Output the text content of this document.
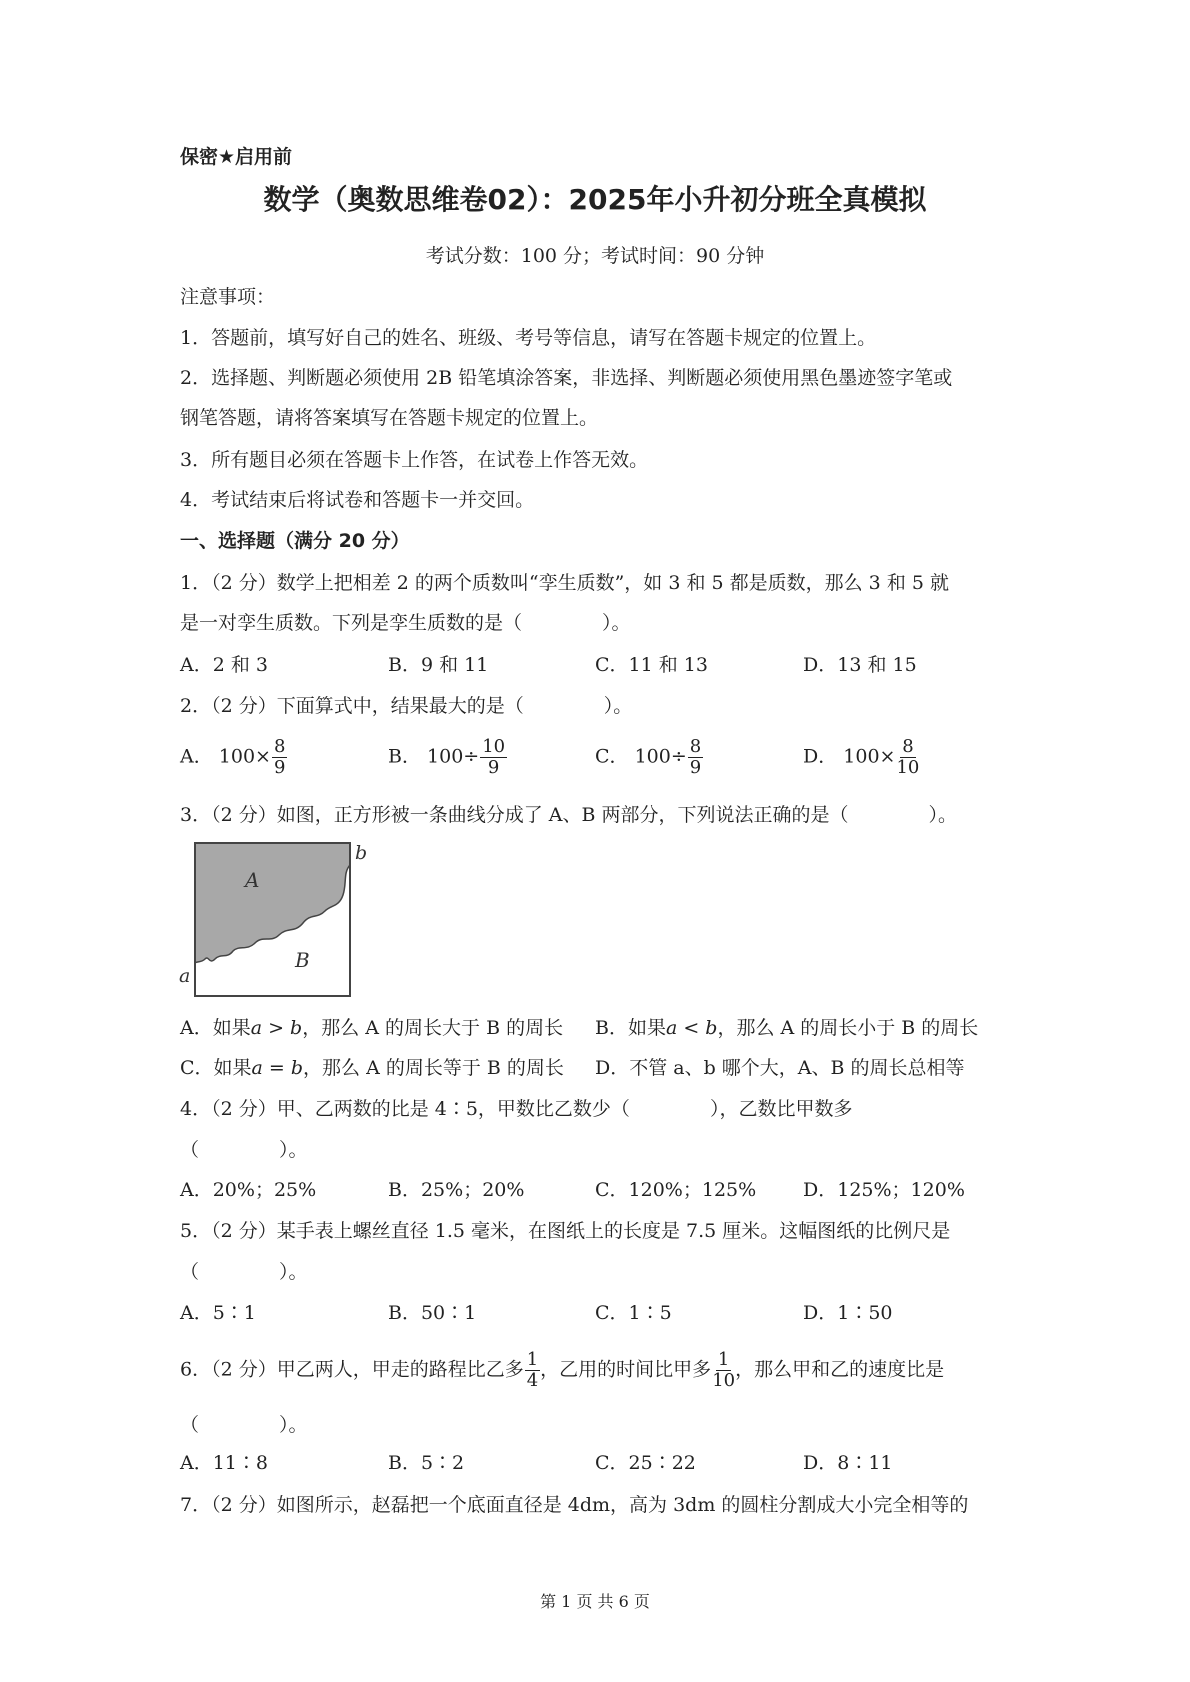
保密★启用前
数学（奥数思维卷02）：2025年小升初分班全真模拟
考试分数：100 分；考试时间：90 分钟
注意事项：
1．答题前，填写好自己的姓名、班级、考号等信息，请写在答题卡规定的位置上。
2．选择题、判断题必须使用 2B 铅笔填涂答案，非选择、判断题必须使用黑色墨迹签字笔或
钢笔答题，请将答案填写在答题卡规定的位置上。
3．所有题目必须在答题卡上作答，在试卷上作答无效。
4．考试结束后将试卷和答题卡一并交回。
一、选择题（满分 20 分）
1．（2 分）数学上把相差 2 的两个质数叫“孪生质数”，如 3 和 5 都是质数，那么 3 和 5 就
是一对孪生质数。下列是孪生质数的是（	）。
A．2 和 3	B．9 和 11	C．11 和 13	D．13 和 15
2．（2 分）下面算式中，结果最大的是（	）。
A． $100\times \frac{8}{9}$	B． $100\div \frac{10}{9}$	C． $100\div \frac{8}{9}$	D． $100\times \frac{8}{10}$
3．（2 分）如图，正方形被一条曲线分成了 A、B 两部分，下列说法正确的是（	）。
A
B
a
b
A．如果a > b，那么 A 的周长大于 B 的周长 B．如果a < b，那么 A 的周长小于 B 的周长
C．如果a = b，那么 A 的周长等于 B 的周长 D．不管 a、b 哪个大，A、B 的周长总相等
4．（2 分）甲、乙两数的比是 4∶5，甲数比乙数少（	），乙数比甲数多
（	）。
A．20%；25%	B．25%；20%	C．120%；125% D．125%；120%
5．（2 分）某手表上螺丝直径 1.5 毫米，在图纸上的长度是 7.5 厘米。这幅图纸的比例尺是
（	）。
A．5∶1	B．50∶1	C．1∶5	D．1∶50
6．（2 分）甲乙两人，甲走的路程比乙多 $\frac{1}{4}$ ，乙用的时间比甲多 $\frac{1}{10}$ ，那么甲和乙的速度比是
（	）。
A．11∶8	B．5∶2	C．25∶22	D．8∶11
7．（2 分）如图所示，赵磊把一个底面直径是 4dm，高为 3dm 的圆柱分割成大小完全相等的
第 1 页 共 6 页
